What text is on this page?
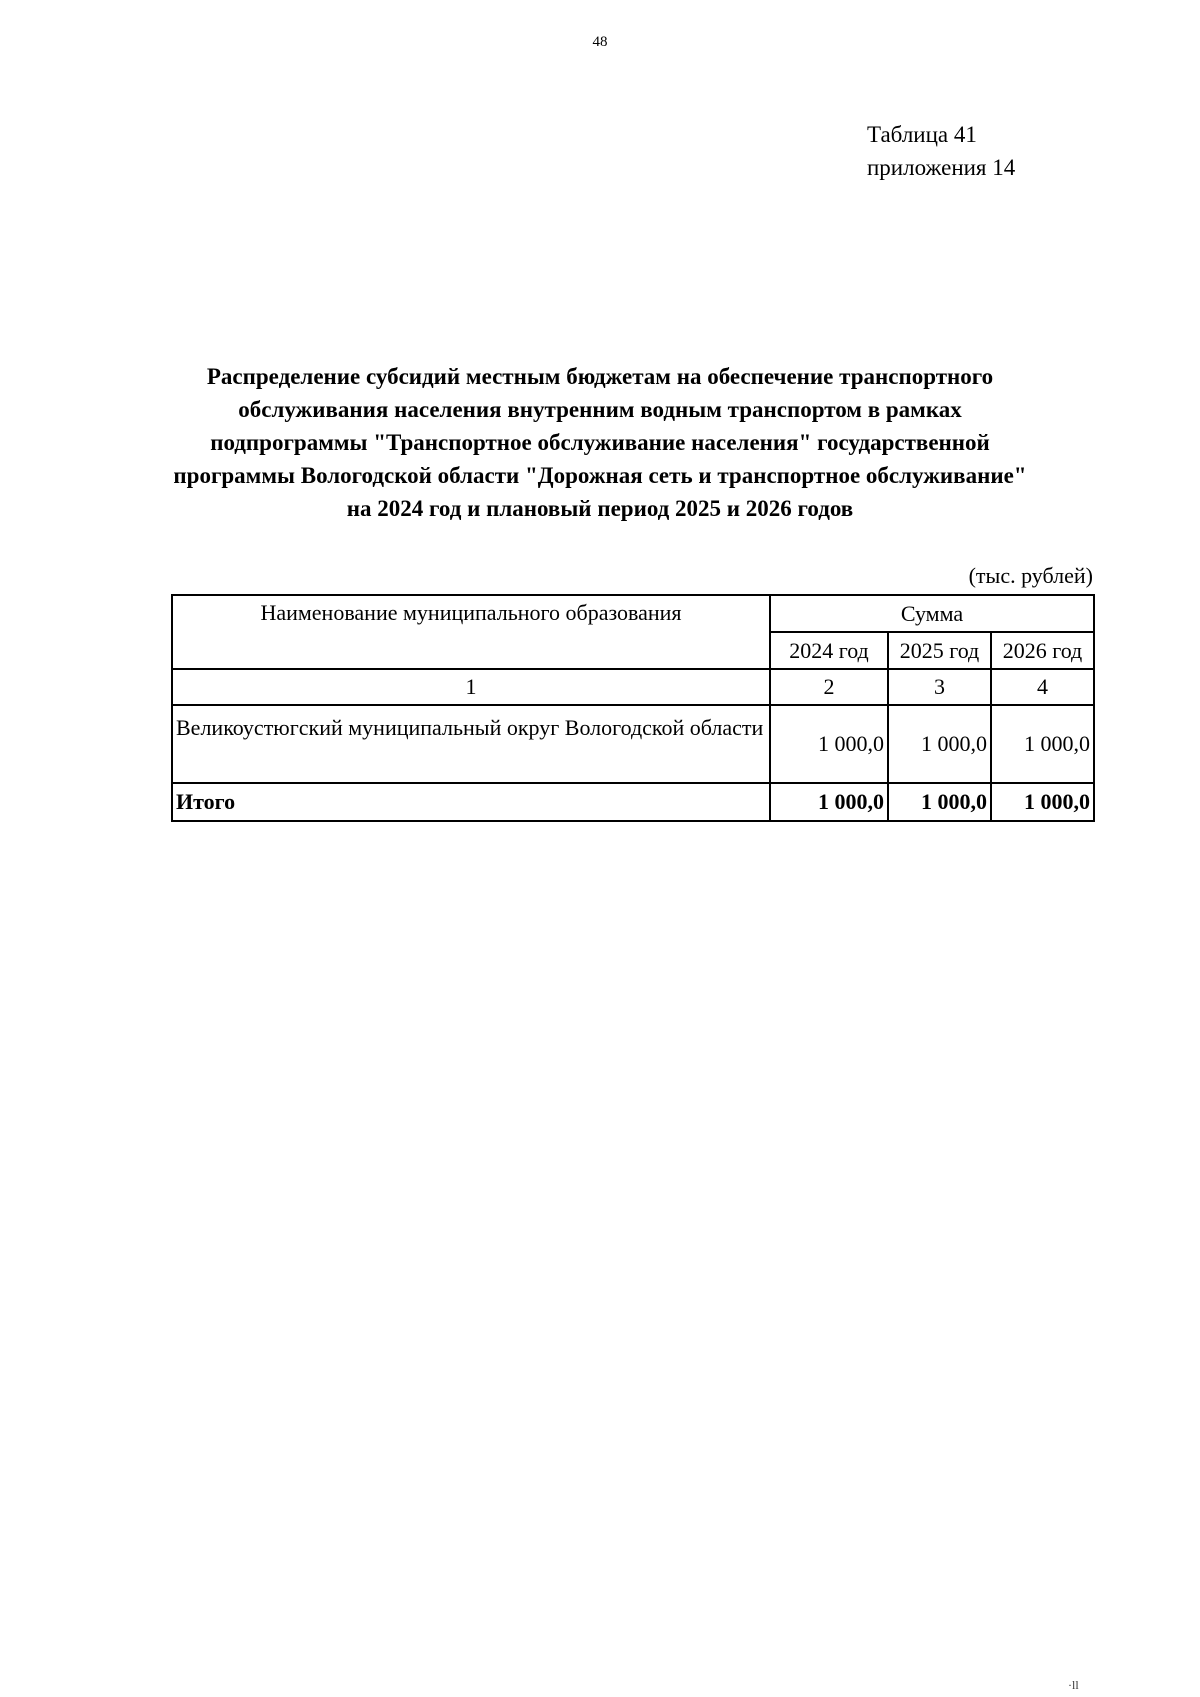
48
Таблица 41
приложения 14
Распределение субсидий местным бюджетам на обеспечение транспортного
обслуживания населения внутренним водным транспортом в рамках
подпрограммы "Транспортное обслуживание населения" государственной
программы Вологодской области "Дорожная сеть и транспортное обслуживание"
на 2024 год и плановый период 2025 и 2026 годов
(тыс. рублей)
Наименование муниципального образования	Сумма		
	2024 год	2025 год	2026 год
1	2	3	4
Великоустюгский муниципальный округ Вологодской области	1 000,0	1 000,0	1 000,0
Итого	1 000,0	1 000,0	1 000,0
·ll
